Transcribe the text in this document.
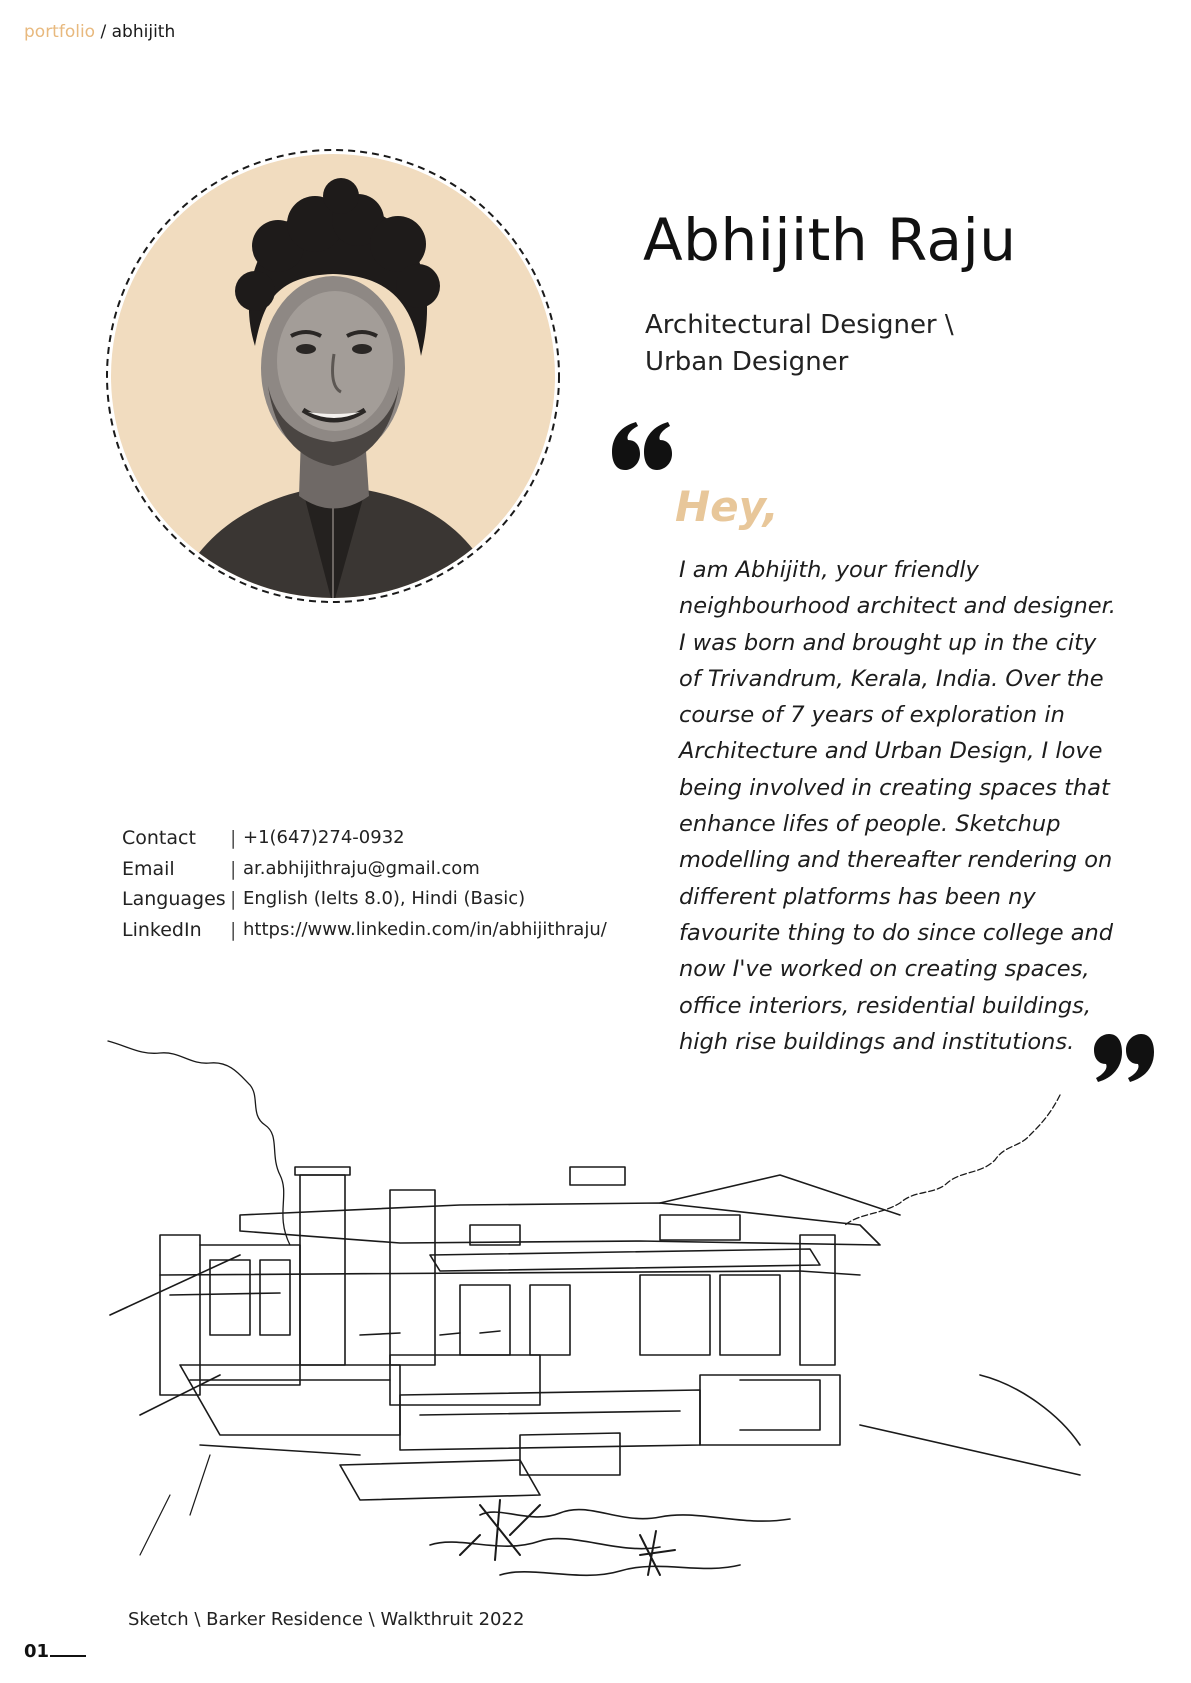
portfolio / abhijith
Abhijith Raju
Architectural Designer \
Urban Designer
Hey,
I am Abhijith, your friendly neighbourhood architect and designer. I was born and brought up in the city of Trivandrum, Kerala, India. Over the course of 7 years of exploration in Architecture and Urban Design, I love being involved in creating spaces that enhance lifes of people. Sketchup modelling and thereafter rendering on different platforms has been ny favourite thing to do since college and now I've worked on creating spaces, office interiors, residential buildings, high rise buildings and institutions.
Contact	| +1(647)274-0932
Email	| ar.abhijithraju@gmail.com
Languages | English (Ielts 8.0), Hindi (Basic)
LinkedIn	| https://www.linkedin.com/in/abhijithraju/
Sketch \ Barker Residence \ Walkthruit 2022
01
